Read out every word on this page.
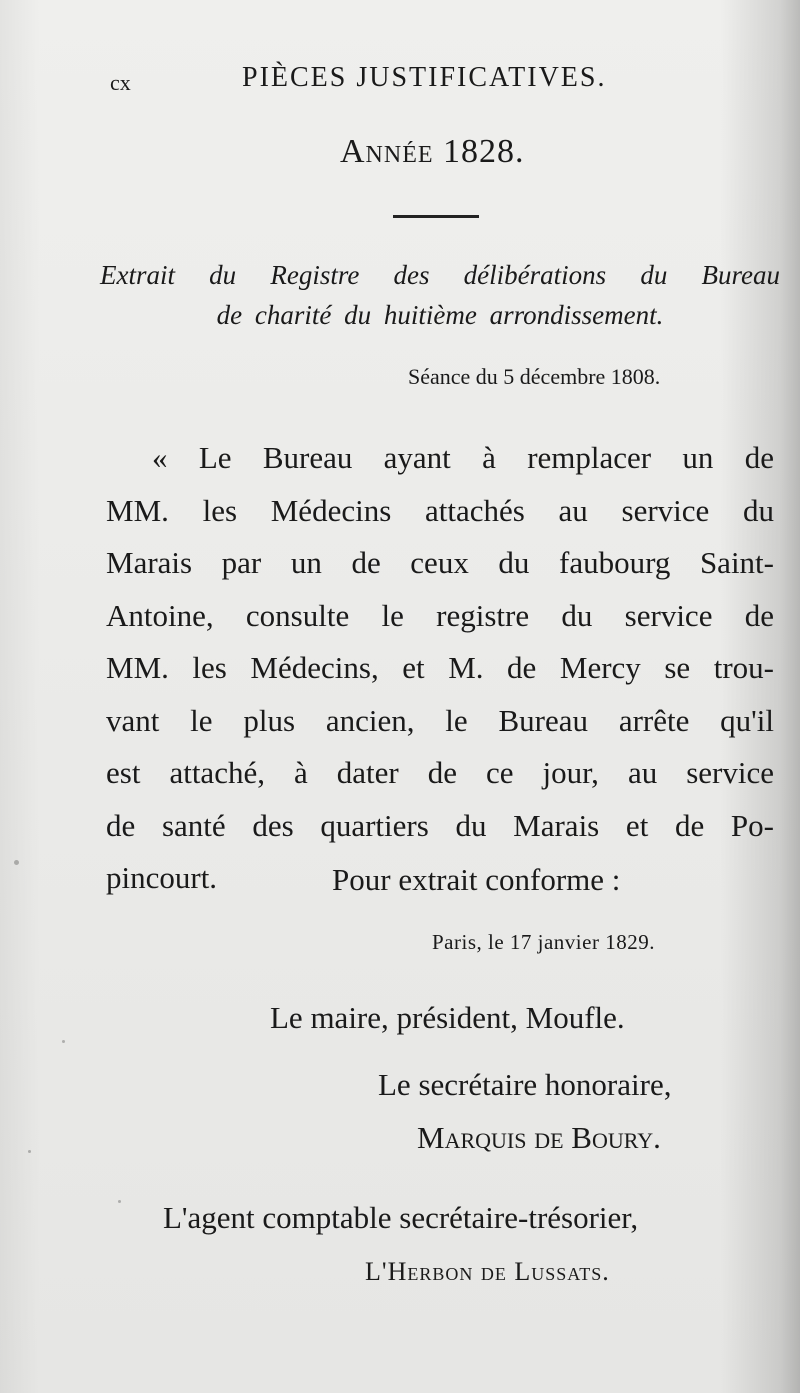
cx	PIÈCES JUSTIFICATIVES.
Année 1828.
Extrait du Registre des délibérations du Bureau
de charité du huitième arrondissement.
Séance du 5 décembre 1808.
« Le Bureau ayant à remplacer un de
MM. les Médecins attachés au service du
Marais par un de ceux du faubourg Saint-
Antoine, consulte le registre du service de
MM. les Médecins, et M. de Mercy se trou-
vant le plus ancien, le Bureau arrête qu'il
est attaché, à dater de ce jour, au service
de santé des quartiers du Marais et de Po-
pincourt.	Pour extrait conforme :
Paris, le 17 janvier 1829.
Le maire, président, Moufle.
Le secrétaire honoraire,
Marquis de Boury.
L'agent comptable secrétaire-trésorier,
L'Herbon de Lussats.
